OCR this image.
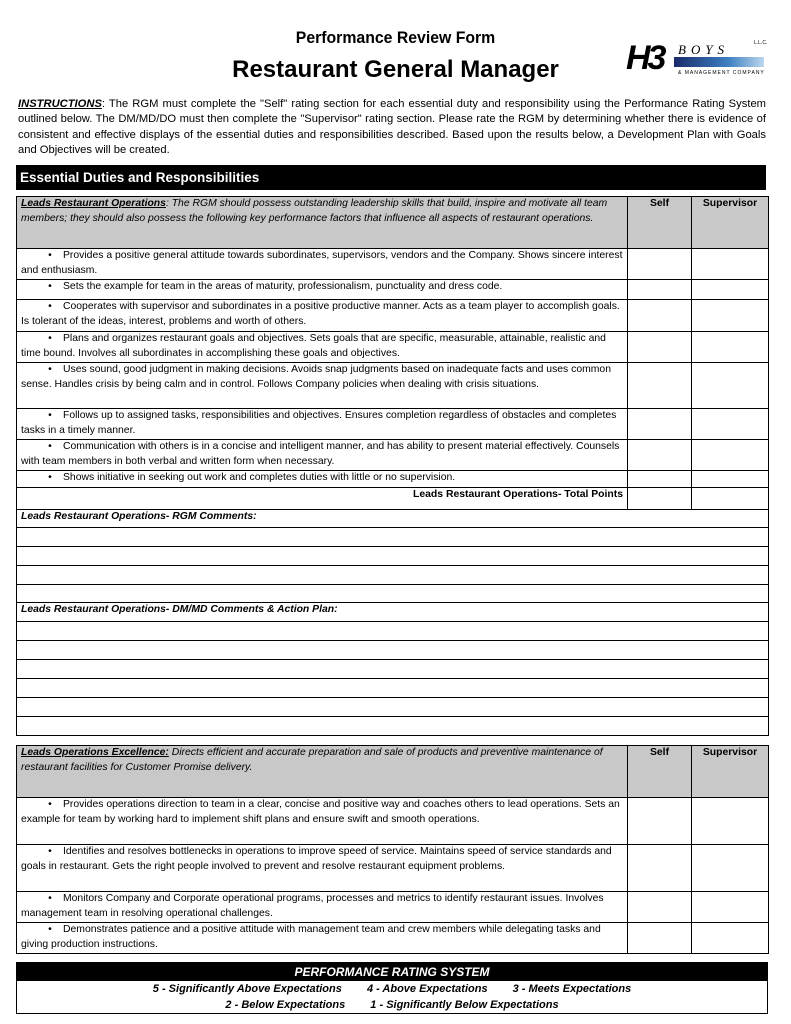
Performance Review Form
Restaurant General Manager	H3 BOYS	L.L.C.
& MANAGEMENT COMPANY
INSTRUCTIONS: The RGM must complete the "Self" rating section for each essential duty and responsibility using the Performance Rating System outlined below. The DM/MD/DO must then complete the "Supervisor" rating section. Please rate the RGM by determining whether there is evidence of consistent and effective displays of the essential duties and responsibilities described. Based upon the results below, a Development Plan with Goals and Objectives will be created.
Essential Duties and Responsibilities
Leads Restaurant Operations: The RGM should possess outstanding leadership skills that build, inspire and motivate all team members; they should also possess the following key performance factors that influence all aspects of restaurant operations.	Self	Supervisor
• Provides a positive general attitude towards subordinates, supervisors, vendors and the Company. Shows sincere interest and enthusiasm.		
• Sets the example for team in the areas of maturity, professionalism, punctuality and dress code.		
• Cooperates with supervisor and subordinates in a positive productive manner. Acts as a team player to accomplish goals. Is tolerant of the ideas, interest, problems and worth of others.		
• Plans and organizes restaurant goals and objectives. Sets goals that are specific, measurable, attainable, realistic and time bound. Involves all subordinates in accomplishing these goals and objectives.		
• Uses sound, good judgment in making decisions. Avoids snap judgments based on inadequate facts and uses common sense. Handles crisis by being calm and in control. Follows Company policies when dealing with crisis situations.		
• Follows up to assigned tasks, responsibilities and objectives. Ensures completion regardless of obstacles and completes tasks in a timely manner.		
• Communication with others is in a concise and intelligent manner, and has ability to present material effectively. Counsels with team members in both verbal and written form when necessary.		
• Shows initiative in seeking out work and completes duties with little or no supervision.		
Leads Restaurant Operations- Total Points		
Leads Restaurant Operations- RGM Comments:		

Leads Restaurant Operations- DM/MD Comments & Action Plan:		

Leads Operations Excellence: Directs efficient and accurate preparation and sale of products and preventive maintenance of restaurant facilities for Customer Promise delivery.	Self	Supervisor
• Provides operations direction to team in a clear, concise and positive way and coaches others to lead operations. Sets an example for team by working hard to implement shift plans and ensure swift and smooth operations.		
• Identifies and resolves bottlenecks in operations to improve speed of service. Maintains speed of service standards and goals in restaurant. Gets the right people involved to prevent and resolve restaurant equipment problems.		
• Monitors Company and Corporate operational programs, processes and metrics to identify restaurant issues. Involves management team in resolving operational challenges.		
• Demonstrates patience and a positive attitude with management team and crew members while delegating tasks and giving production instructions.		
PERFORMANCE RATING SYSTEM
5 - Significantly Above Expectations 4 - Above Expectations 3 - Meets Expectations
2 - Below Expectations 1 - Significantly Below Expectations
